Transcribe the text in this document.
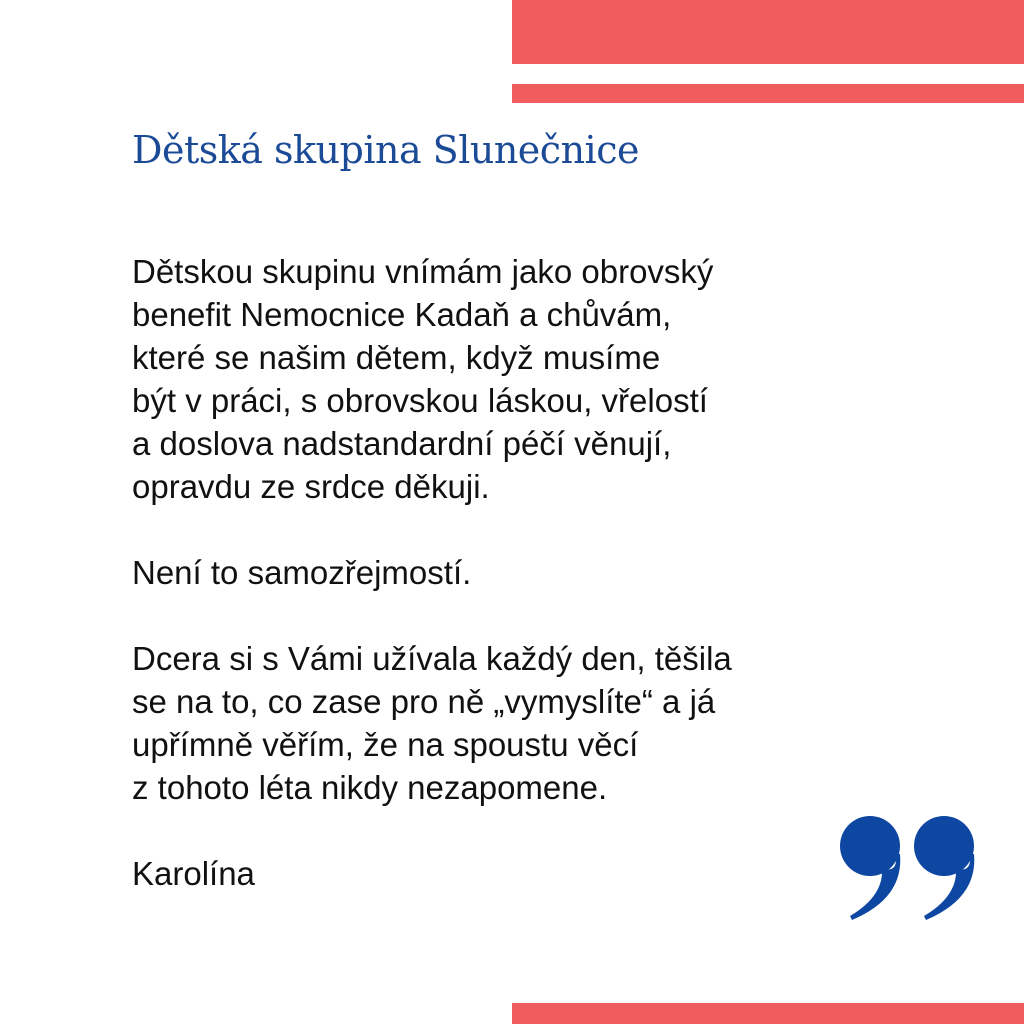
Dětská skupina Slunečnice

Dětskou skupinu vnímám jako obrovský
benefit Nemocnice Kadaň a chůvám,
které se našim dětem, když musíme
být v práci, s obrovskou láskou, vřelostí
a doslova nadstandardní péčí věnují,
opravdu ze srdce děkuji.

Není to samozřejmostí.

Dcera si s Vámi užívala každý den, těšila
se na to, co zase pro ně „vymyslíte“ a já
upřímně věřím, že na spoustu věcí
z tohoto léta nikdy nezapomene.

Karolína
